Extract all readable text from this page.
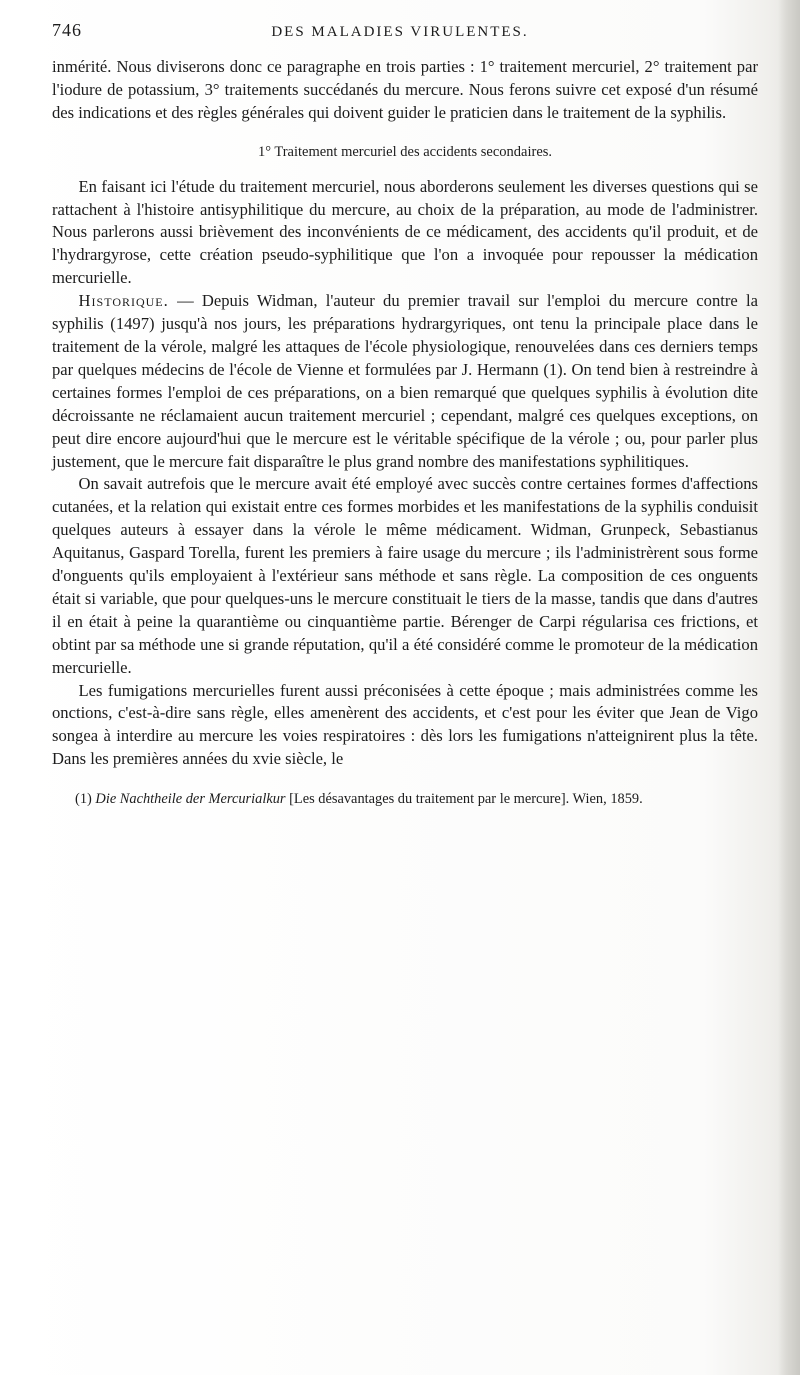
746	DES MALADIES VIRULENTES.

inmérité. Nous diviserons donc ce paragraphe en trois parties : 1° traitement mercuriel, 2° traitement par l'iodure de potassium, 3° traitements succédanés du mercure. Nous ferons suivre cet exposé d'un résumé des indications et des règles générales qui doivent guider le praticien dans le traitement de la syphilis.

1° Traitement mercuriel des accidents secondaires.

En faisant ici l'étude du traitement mercuriel, nous aborderons seulement les diverses questions qui se rattachent à l'histoire antisyphilitique du mercure, au choix de la préparation, au mode de l'administrer. Nous parlerons aussi brièvement des inconvénients de ce médicament, des accidents qu'il produit, et de l'hydrargyrose, cette création pseudo-syphilitique que l'on a invoquée pour repousser la médication mercurielle.

Historique. — Depuis Widman, l'auteur du premier travail sur l'emploi du mercure contre la syphilis (1497) jusqu'à nos jours, les préparations hydrargyriques, ont tenu la principale place dans le traitement de la vérole, malgré les attaques de l'école physiologique, renouvelées dans ces derniers temps par quelques médecins de l'école de Vienne et formulées par J. Hermann (1). On tend bien à restreindre à certaines formes l'emploi de ces préparations, on a bien remarqué que quelques syphilis à évolution dite décroissante ne réclamaient aucun traitement mercuriel ; cependant, malgré ces quelques exceptions, on peut dire encore aujourd'hui que le mercure est le véritable spécifique de la vérole ; ou, pour parler plus justement, que le mercure fait disparaître le plus grand nombre des manifestations syphilitiques.

On savait autrefois que le mercure avait été employé avec succès contre certaines formes d'affections cutanées, et la relation qui existait entre ces formes morbides et les manifestations de la syphilis conduisit quelques auteurs à essayer dans la vérole le même médicament. Widman, Grunpeck, Sebastianus Aquitanus, Gaspard Torella, furent les premiers à faire usage du mercure ; ils l'administrèrent sous forme d'onguents qu'ils employaient à l'extérieur sans méthode et sans règle. La composition de ces onguents était si variable, que pour quelques-uns le mercure constituait le tiers de la masse, tandis que dans d'autres il en était à peine la quarantième ou cinquantième partie. Bérenger de Carpi régularisa ces frictions, et obtint par sa méthode une si grande réputation, qu'il a été considéré comme le promoteur de la médication mercurielle.

Les fumigations mercurielles furent aussi préconisées à cette époque ; mais administrées comme les onctions, c'est-à-dire sans règle, elles amenèrent des accidents, et c'est pour les éviter que Jean de Vigo songea à interdire au mercure les voies respiratoires : dès lors les fumigations n'atteignirent plus la tête. Dans les premières années du xvie siècle, le

(1) Die Nachtheile der Mercurialkur [Les désavantages du traitement par le mercure]. Wien, 1859.
